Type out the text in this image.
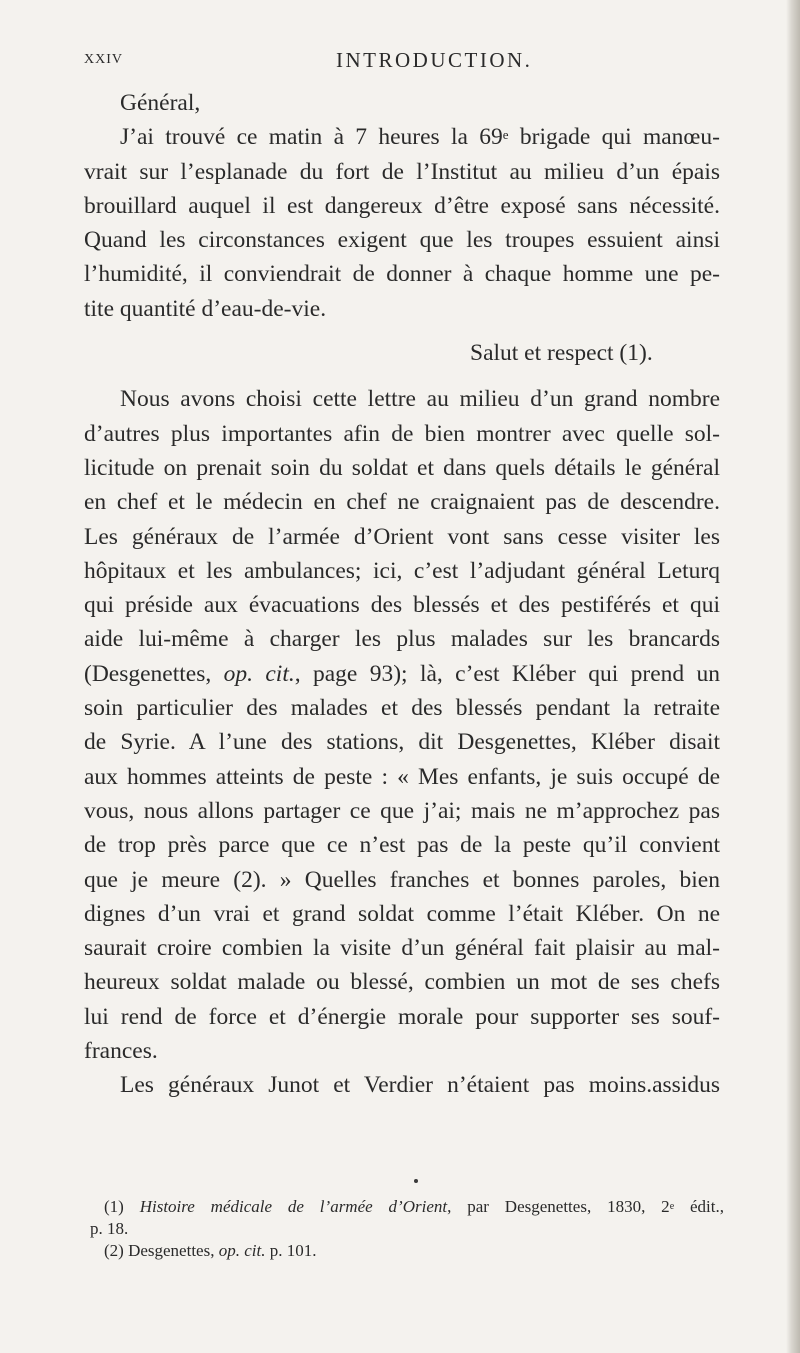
XXIV	INTRODUCTION.
Général,
J’ai trouvé ce matin à 7 heures la 69e brigade qui manœu-
vrait sur l’esplanade du fort de l’Institut au milieu d’un épais
brouillard auquel il est dangereux d’être exposé sans nécessité.
Quand les circonstances exigent que les troupes essuient ainsi
l’humidité, il conviendrait de donner à chaque homme une pe-
tite quantité d’eau-de-vie.
Salut et respect (1).
Nous avons choisi cette lettre au milieu d’un grand nombre
d’autres plus importantes afin de bien montrer avec quelle sol-
licitude on prenait soin du soldat et dans quels détails le général
en chef et le médecin en chef ne craignaient pas de descendre.
Les généraux de l’armée d’Orient vont sans cesse visiter les
hôpitaux et les ambulances; ici, c’est l’adjudant général Leturq
qui préside aux évacuations des blessés et des pestiférés et qui
aide lui-même à charger les plus malades sur les brancards
(Desgenettes, op. cit., page 93); là, c’est Kléber qui prend un
soin particulier des malades et des blessés pendant la retraite
de Syrie. A l’une des stations, dit Desgenettes, Kléber disait
aux hommes atteints de peste : « Mes enfants, je suis occupé de
vous, nous allons partager ce que j’ai; mais ne m’approchez pas
de trop près parce que ce n’est pas de la peste qu’il convient
que je meure (2). » Quelles franches et bonnes paroles, bien
dignes d’un vrai et grand soldat comme l’était Kléber. On ne
saurait croire combien la visite d’un général fait plaisir au mal-
heureux soldat malade ou blessé, combien un mot de ses chefs
lui rend de force et d’énergie morale pour supporter ses souf-
frances.
Les généraux Junot et Verdier n’étaient pas moins.assidus
(1) Histoire médicale de l’armée d’Orient, par Desgenettes, 1830, 2e édit.,
p. 18.
(2) Desgenettes, op. cit. p. 101.
